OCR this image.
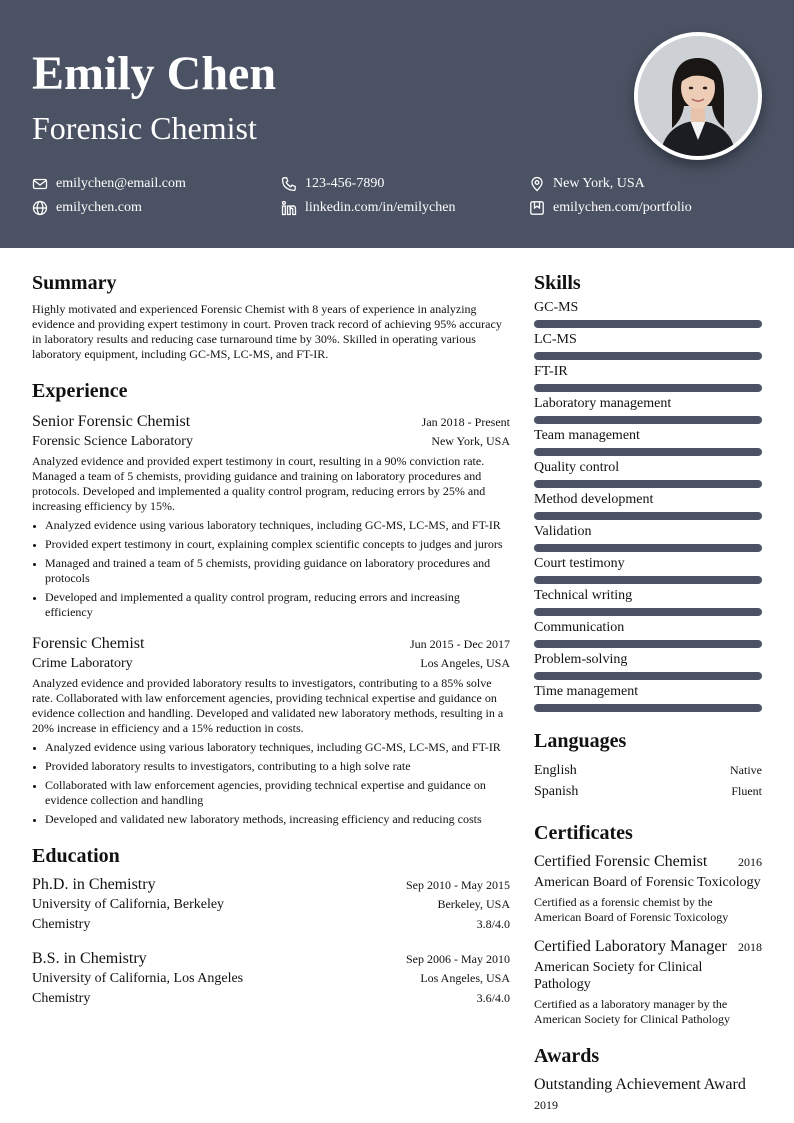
Emily Chen
Forensic Chemist
emilychen@email.com	123-456-7890	New York, USA
emilychen.com	linkedin.com/in/emilychen	emilychen.com/portfolio
Summary

Highly motivated and experienced Forensic Chemist with 8 years of experience in analyzing evidence and providing expert testimony in court. Proven track record of achieving 95% accuracy in laboratory results and reducing case turnaround time by 30%. Skilled in operating various laboratory equipment, including GC-MS, LC-MS, and FT-IR.

Experience
Senior Forensic Chemist	Jan 2018 - Present
Forensic Science Laboratory	New York, USA

Analyzed evidence and provided expert testimony in court, resulting in a 90% conviction rate. Managed a team of 5 chemists, providing guidance and training on laboratory procedures and protocols. Developed and implemented a quality control program, reducing errors by 25% and increasing efficiency by 15%.

• Analyzed evidence using various laboratory techniques, including GC-MS, LC-MS, and FT-IR
• Provided expert testimony in court, explaining complex scientific concepts to judges and jurors
• Managed and trained a team of 5 chemists, providing guidance on laboratory procedures and protocols
• Developed and implemented a quality control program, reducing errors and increasing efficiency
Forensic Chemist	Jun 2015 - Dec 2017
Crime Laboratory	Los Angeles, USA

Analyzed evidence and provided laboratory results to investigators, contributing to a 85% solve rate. Collaborated with law enforcement agencies, providing technical expertise and guidance on evidence collection and handling. Developed and validated new laboratory methods, resulting in a 20% increase in efficiency and a 15% reduction in costs.

• Analyzed evidence using various laboratory techniques, including GC-MS, LC-MS, and FT-IR
• Provided laboratory results to investigators, contributing to a high solve rate
• Collaborated with law enforcement agencies, providing technical expertise and guidance on evidence collection and handling
• Developed and validated new laboratory methods, increasing efficiency and reducing costs
Education
Ph.D. in Chemistry	Sep 2010 - May 2015
University of California, Berkeley	Berkeley, USA
Chemistry	3.8/4.0
B.S. in Chemistry	Sep 2006 - May 2010
University of California, Los Angeles	Los Angeles, USA
Chemistry	3.6/4.0
Skills
GC-MS
LC-MS
FT-IR
Laboratory management
Team management
Quality control
Method development
Validation
Court testimony
Technical writing
Communication
Problem-solving
Time management
Languages
English	Native
Spanish	Fluent
Certificates
Certified Forensic Chemist	2016
American Board of Forensic Toxicology
Certified as a forensic chemist by the American Board of Forensic Toxicology
Certified Laboratory Manager 2018
American Society for Clinical Pathology
Certified as a laboratory manager by the American Society for Clinical Pathology
Awards
Outstanding Achievement Award
2019
